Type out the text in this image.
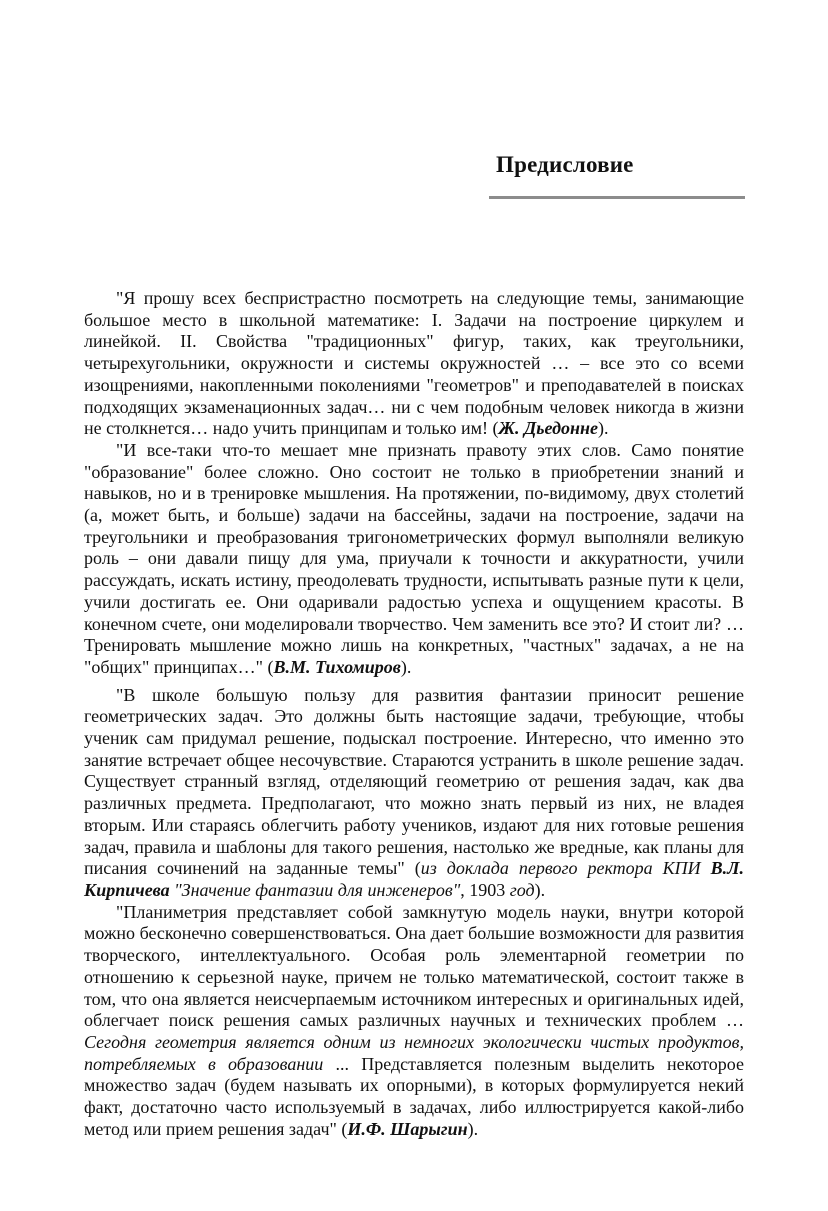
Предисловие

"Я прошу всех беспристрастно посмотреть на следующие темы, занимающие большое место в школьной математике: I. Задачи на построение циркулем и линейкой. II. Свойства "традиционных" фигур, таких, как треугольники, четырехугольники, окружности и системы окружностей … – все это со всеми изощрениями, накопленными поколениями "геометров" и преподавателей в поисках подходящих экзаменационных задач… ни с чем подобным человек никогда в жизни не столкнется… надо учить принципам и только им! (Ж. Дьедонне).

"И все-таки что-то мешает мне признать правоту этих слов. Само понятие "образование" более сложно. Оно состоит не только в приобретении знаний и навыков, но и в тренировке мышления. На протяжении, по-видимому, двух столетий (а, может быть, и больше) задачи на бассейны, задачи на построение, задачи на треугольники и преобразования тригонометрических формул выполняли великую роль – они давали пищу для ума, приучали к точности и аккуратности, учили рассуждать, искать истину, преодолевать трудности, испытывать разные пути к цели, учили достигать ее. Они одаривали радостью успеха и ощущением красоты. В конечном счете, они моделировали творчество. Чем заменить все это? И стоит ли? … Тренировать мышление можно лишь на конкретных, "частных" задачах, а не на "общих" принципах…" (В.М. Тихомиров).

"В школе большую пользу для развития фантазии приносит решение геометрических задач. Это должны быть настоящие задачи, требующие, чтобы ученик сам придумал решение, подыскал построение. Интересно, что именно это занятие встречает общее несочувствие. Стараются устранить в школе решение задач. Существует странный взгляд, отделяющий геометрию от решения задач, как два различных предмета. Предполагают, что можно знать первый из них, не владея вторым. Или стараясь облегчить работу учеников, издают для них готовые решения задач, правила и шаблоны для такого решения, настолько же вредные, как планы для писания сочинений на заданные темы" (из доклада первого ректора КПИ В.Л. Кирпичева "Значение фантазии для инженеров", 1903 год).

"Планиметрия представляет собой замкнутую модель науки, внутри которой можно бесконечно совершенствоваться. Она дает большие возможности для развития творческого, интеллектуального. Особая роль элементарной геометрии по отношению к серьезной науке, причем не только математической, состоит также в том, что она является неисчерпаемым источником интересных и оригинальных идей, облегчает поиск решения самых различных научных и технических проблем … Сегодня геометрия является одним из немногих экологически чистых продуктов, потребляемых в образовании ... Представляется полезным выделить некоторое множество задач (будем называть их опорными), в которых формулируется некий факт, достаточно часто используемый в задачах, либо иллюстрируется какой-либо метод или прием решения задач" (И.Ф. Шарыгин).
